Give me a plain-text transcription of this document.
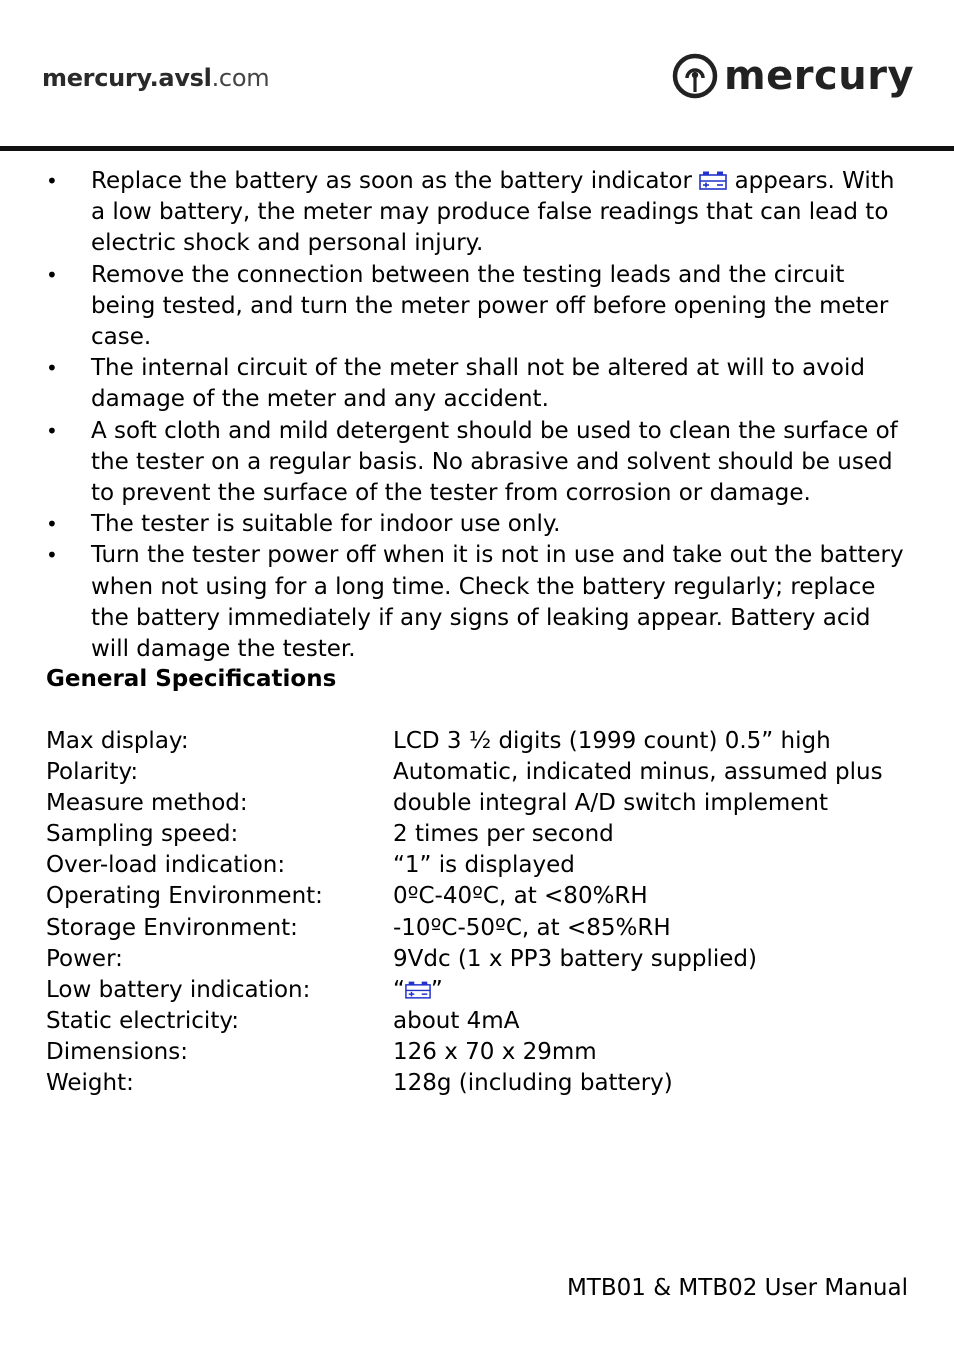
mercury.avsl.com	mercury
• Replace the battery as soon as the battery indicator  appears. With a low battery, the meter may produce false readings that can lead to electric shock and personal injury.
• Remove the connection between the testing leads and the circuit being tested, and turn the meter power off before opening the meter case.
• The internal circuit of the meter shall not be altered at will to avoid damage of the meter and any accident.
• A soft cloth and mild detergent should be used to clean the surface of the tester on a regular basis. No abrasive and solvent should be used to prevent the surface of the tester from corrosion or damage.
• The tester is suitable for indoor use only.
• Turn the tester power off when it is not in use and take out the battery when not using for a long time. Check the battery regularly; replace the battery immediately if any signs of leaking appear. Battery acid will damage the tester.
General Specifications
Max display:	LCD 3 ½ digits (1999 count) 0.5” high
Polarity:	Automatic, indicated minus, assumed plus
Measure method:	double integral A/D switch implement
Sampling speed:	2 times per second
Over-load indication:	“1” is displayed
Operating Environment:	0ºC-40ºC, at <80%RH
Storage Environment:	-10ºC-50ºC, at <85%RH
Power:	9Vdc (1 x PP3 battery supplied)
Low battery indication:	“ ”
Static electricity:	about 4mA
Dimensions:	126 x 70 x 29mm
Weight:	128g (including battery)
MTB01 & MTB02 User Manual
